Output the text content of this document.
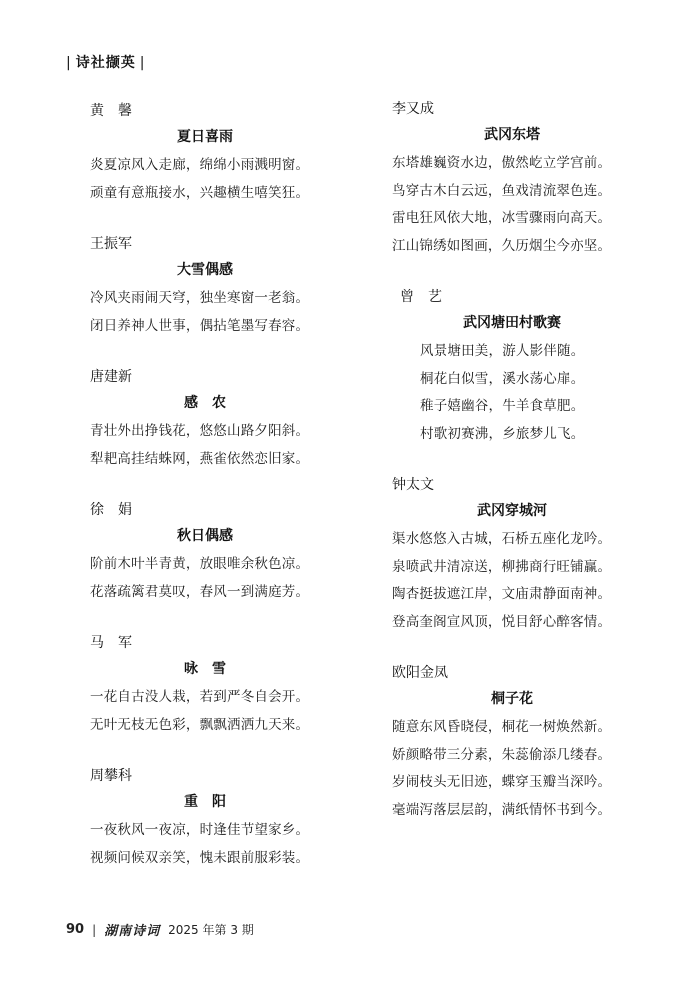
| 诗社撷英 |
黄　馨
夏日喜雨
炎夏凉风入走廊，绵绵小雨溅明窗。
顽童有意瓶接水，兴趣横生嘻笑狂。
王振军
大雪偶感
冷风夹雨闹天穹，独坐寒窗一老翁。
闭日养神人世事，偶拈笔墨写春容。
唐建新
感　农
青壮外出挣钱花，悠悠山路夕阳斜。
犁耙高挂结蛛网，燕雀依然恋旧家。
徐　娟
秋日偶感
阶前木叶半青黄，放眼唯余秋色凉。
花落疏篱君莫叹，春风一到满庭芳。
马　军
咏　雪
一花自古没人栽，若到严冬自会开。
无叶无枝无色彩，飘飘洒洒九天来。
周攀科
重　阳
一夜秋风一夜凉，时逢佳节望家乡。
视频问候双亲笑，愧未跟前服彩装。
李又成
武冈东塔
东塔雄巍资水边，傲然屹立学宫前。
鸟穿古木白云远，鱼戏清流翠色连。
雷电狂风依大地，冰雪骤雨向高天。
江山锦绣如图画，久历烟尘今亦坚。
曾　艺
武冈塘田村歌赛
风景塘田美，游人影伴随。
桐花白似雪，溪水荡心扉。
稚子嬉幽谷，牛羊食草肥。
村歌初赛沸，乡旅梦儿飞。
钟太文
武冈穿城河
渠水悠悠入古城，石桥五座化龙吟。
泉喷武井清凉送，柳拂商行旺铺赢。
陶杏挺拔遮江岸，文庙肃静面南神。
登高奎阁宣风顶，悦目舒心醉客情。
欧阳金凤
桐子花
随意东风昏晓侵，桐花一树焕然新。
娇颜略带三分素，朱蕊偷添几缕春。
岁闹枝头无旧迹，蝶穿玉瓣当深吟。
毫端泻落层层韵，满纸情怀书到今。
90 | 湖南诗词 2025 年第 3 期
